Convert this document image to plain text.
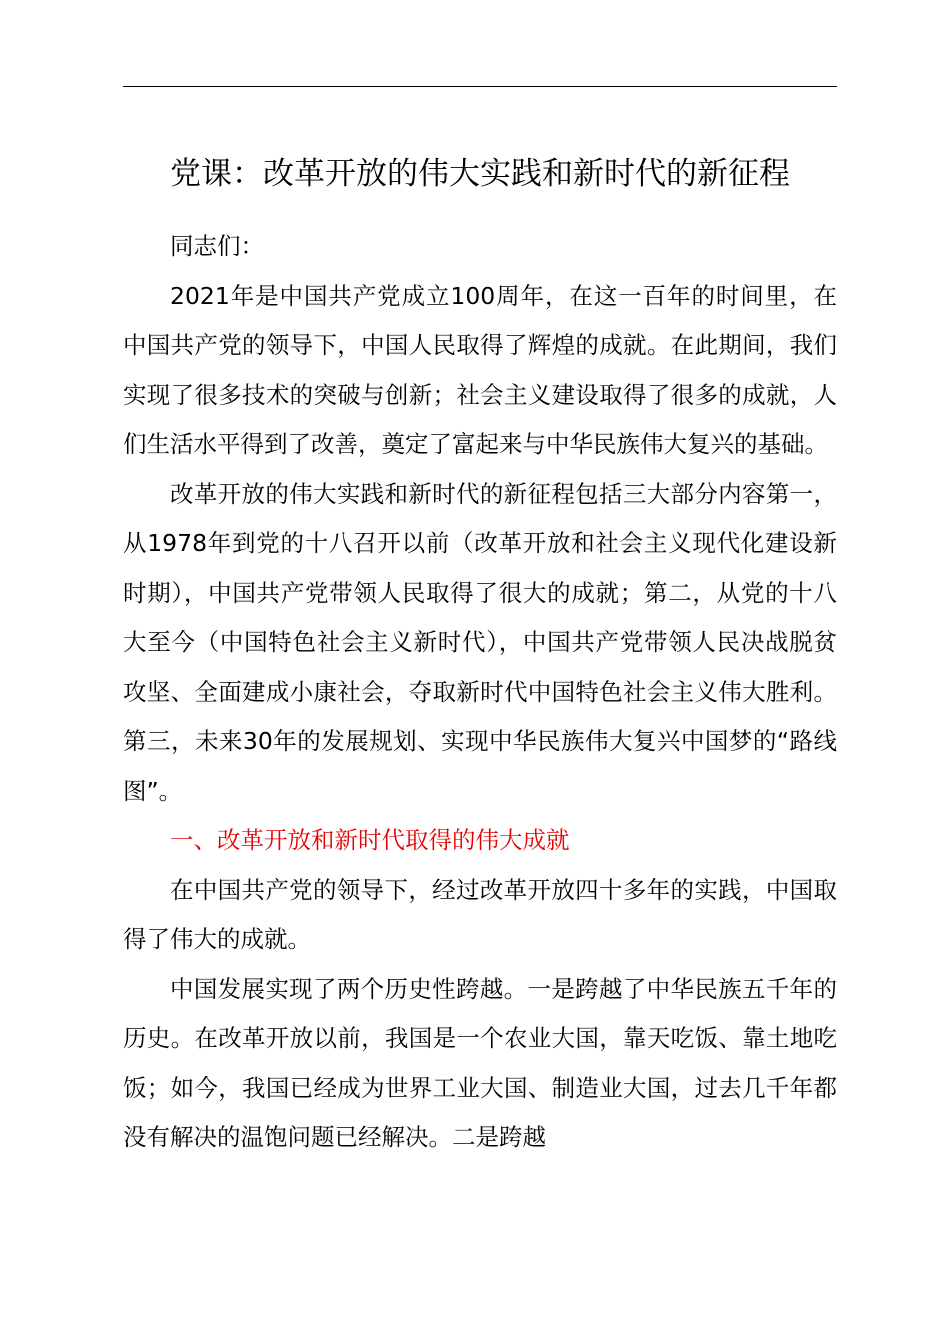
党课：改革开放的伟大实践和新时代的新征程

同志们：

2021年是中国共产党成立100周年，在这一百年的时间里，在中国共产党的领导下，中国人民取得了辉煌的成就。在此期间，我们实现了很多技术的突破与创新；社会主义建设取得了很多的成就，人们生活水平得到了改善，奠定了富起来与中华民族伟大复兴的基础。

改革开放的伟大实践和新时代的新征程包括三大部分内容第一，从1978年到党的十八召开以前（改革开放和社会主义现代化建设新时期），中国共产党带领人民取得了很大的成就；第二，从党的十八大至今（中国特色社会主义新时代），中国共产党带领人民决战脱贫攻坚、全面建成小康社会，夺取新时代中国特色社会主义伟大胜利。第三，未来30年的发展规划、实现中华民族伟大复兴中国梦的“路线图”。

一、改革开放和新时代取得的伟大成就

在中国共产党的领导下，经过改革开放四十多年的实践，中国取得了伟大的成就。

中国发展实现了两个历史性跨越。一是跨越了中华民族五千年的历史。在改革开放以前，我国是一个农业大国，靠天吃饭、靠土地吃饭；如今，我国已经成为世界工业大国、制造业大国，过去几千年都没有解决的温饱问题已经解决。二是跨越
